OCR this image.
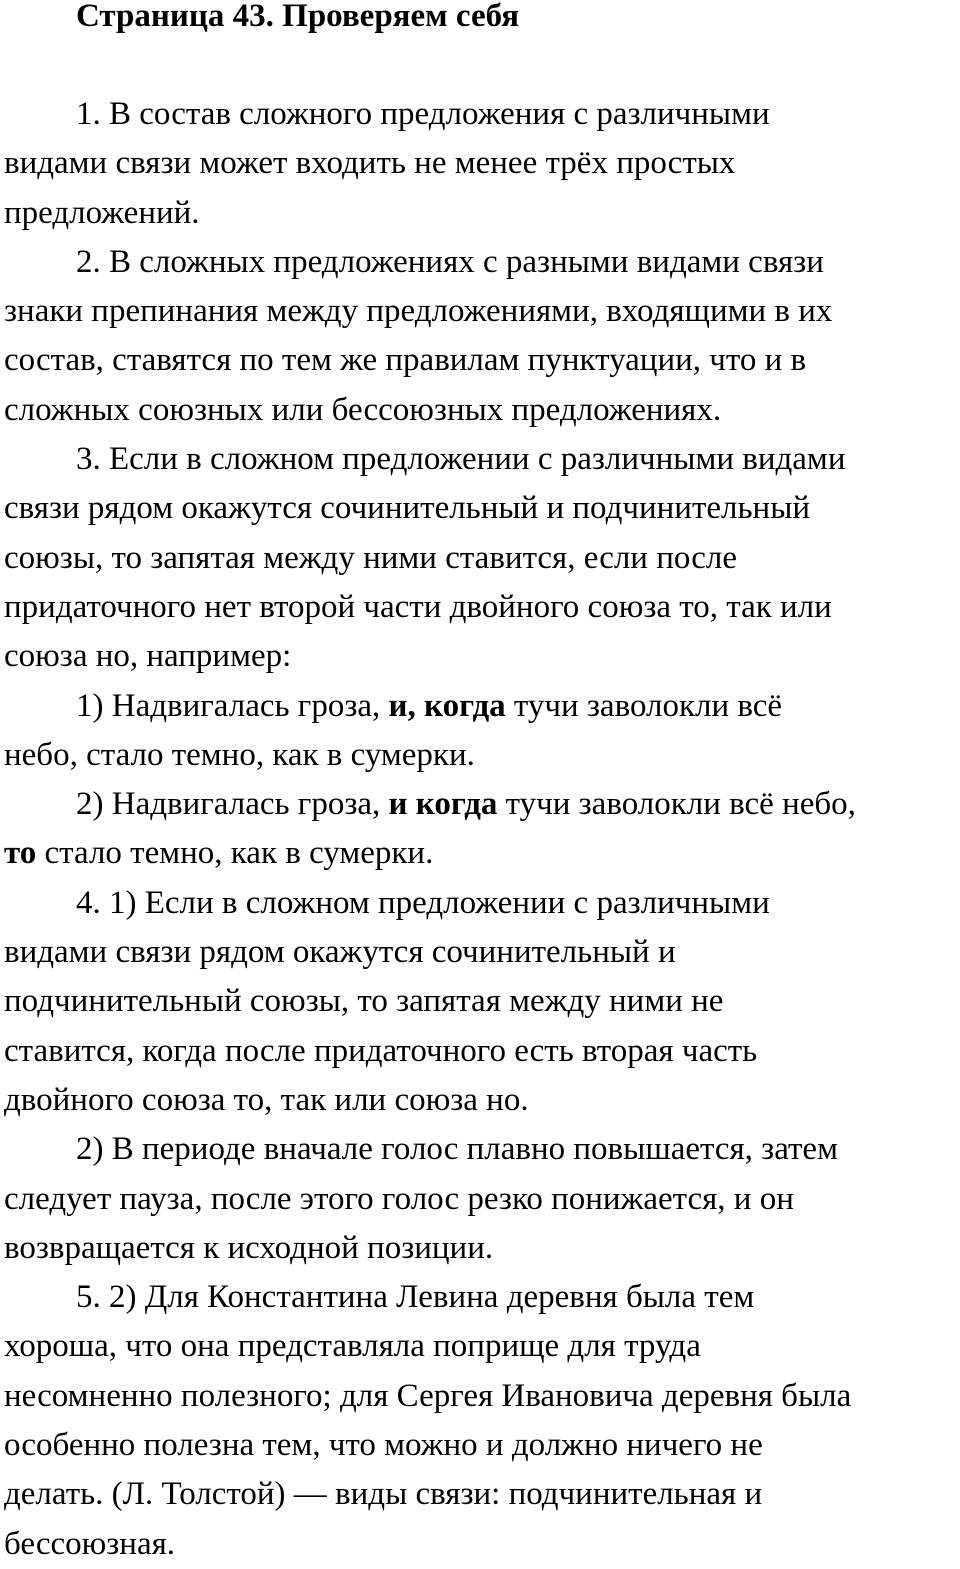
Страница 43. Проверяем себя

1. В состав сложного предложения с различными
видами связи может входить не менее трёх простых
предложений.

2. В сложных предложениях с разными видами связи
знаки препинания между предложениями, входящими в их
состав, ставятся по тем же правилам пунктуации, что и в
сложных союзных или бессоюзных предложениях.

3. Если в сложном предложении с различными видами
связи рядом окажутся сочинительный и подчинительный
союзы, то запятая между ними ставится, если после
придаточного нет второй части двойного союза то, так или
союза но, например:

1) Надвигалась гроза, и, когда тучи заволокли всё
небо, стало темно, как в сумерки.

2) Надвигалась гроза, и когда тучи заволокли всё небо,
то стало темно, как в сумерки.

4. 1) Если в сложном предложении с различными
видами связи рядом окажутся сочинительный и
подчинительный союзы, то запятая между ними не
ставится, когда после придаточного есть вторая часть
двойного союза то, так или союза но.

2) В периоде вначале голос плавно повышается, затем
следует пауза, после этого голос резко понижается, и он
возвращается к исходной позиции.

5. 2) Для Константина Левина деревня была тем
хороша, что она представляла поприще для труда
несомненно полезного; для Сергея Ивановича деревня была
особенно полезна тем, что можно и должно ничего не
делать. (Л. Толстой) — виды связи: подчинительная и
бессоюзная.
